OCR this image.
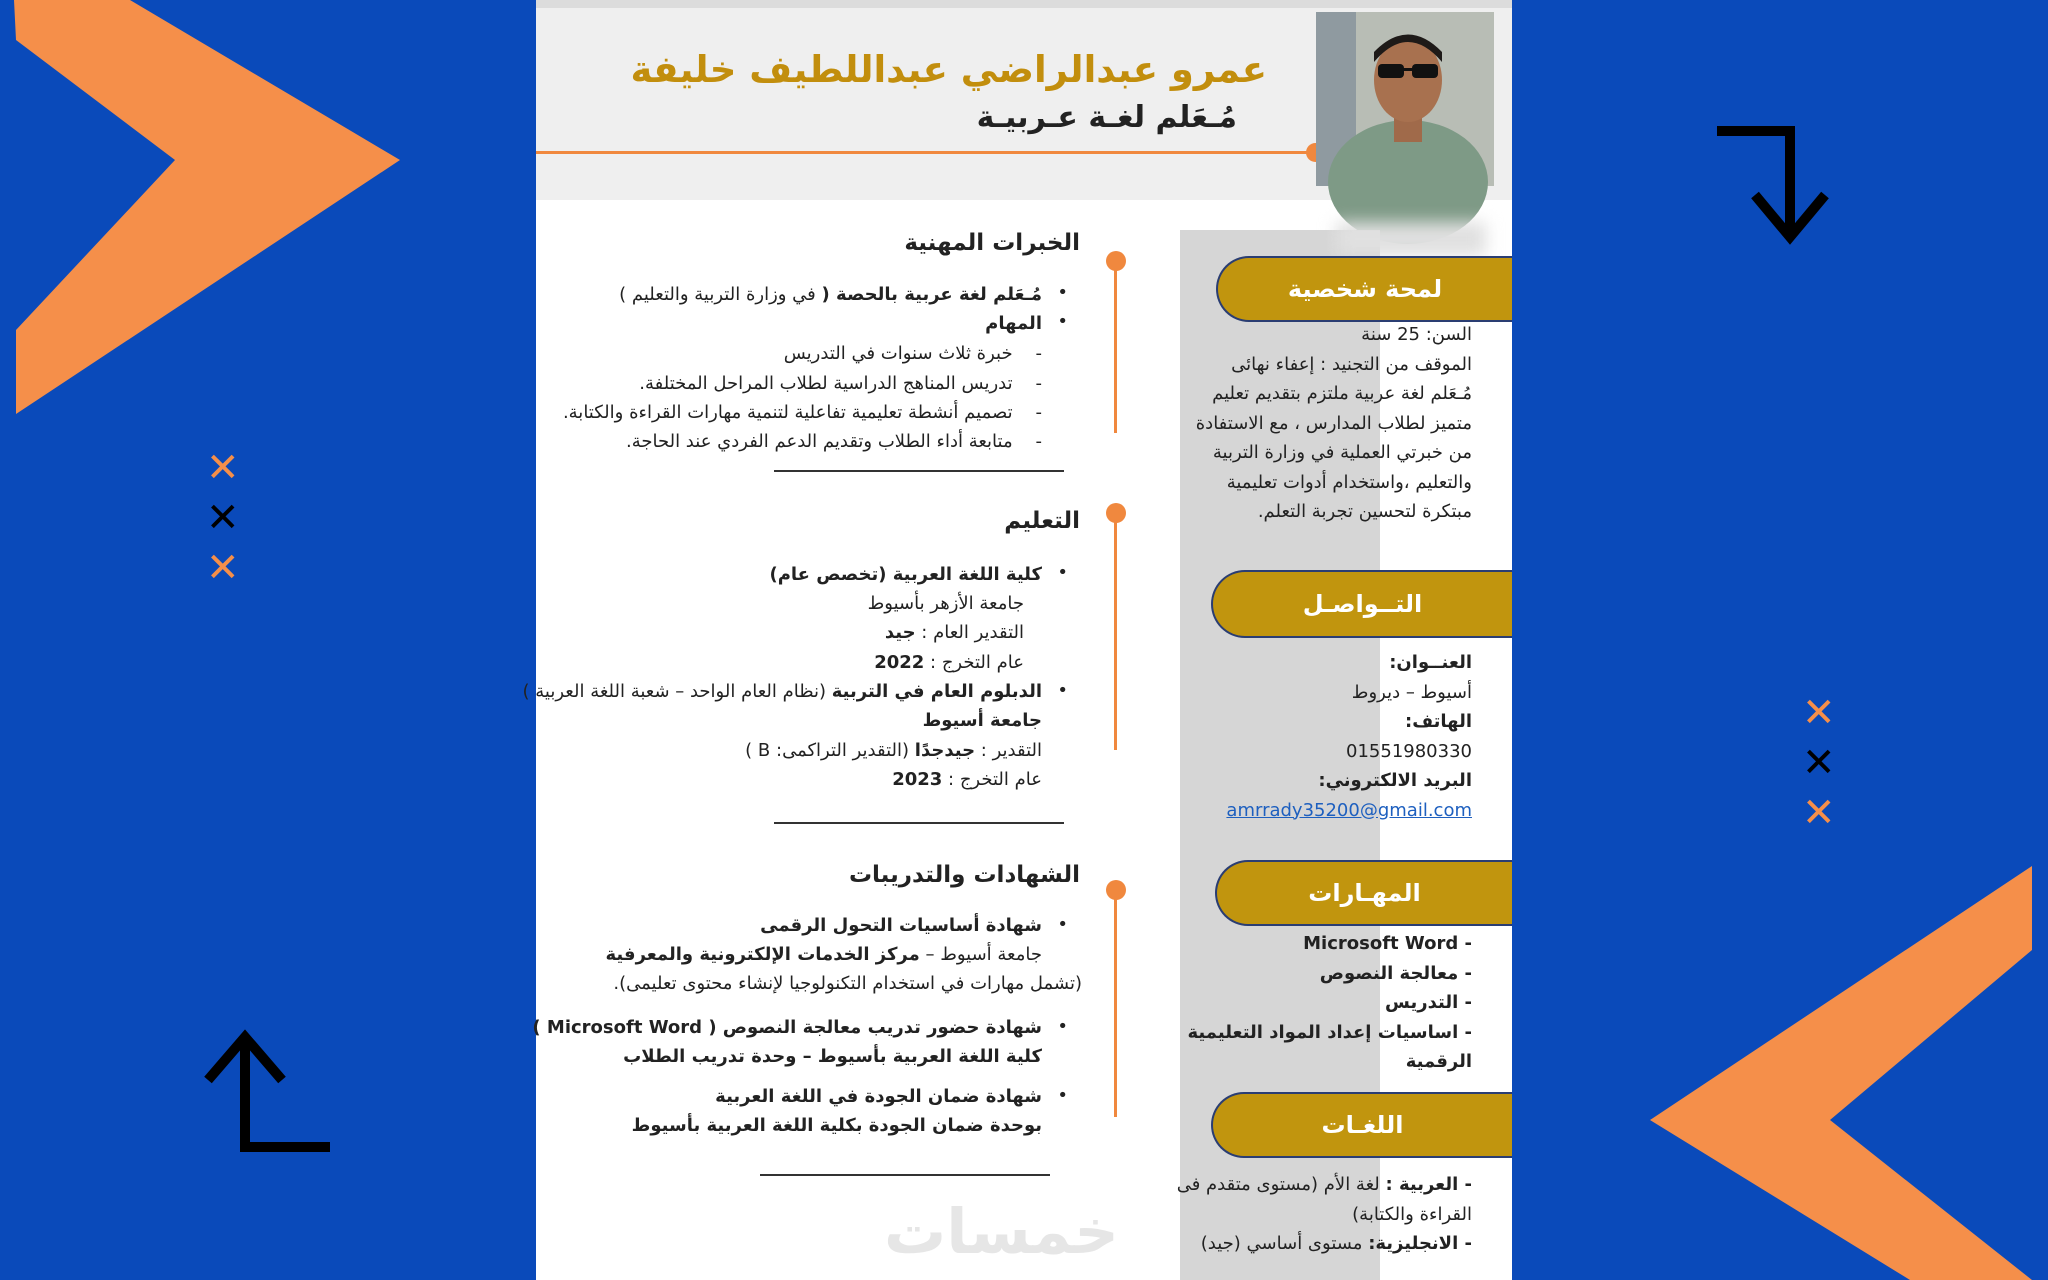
✕
✕
✕
✕
✕
✕
عمرو عبدالراضي عبداللطيف خليفة
مُـعَلم لغـة عـربيـة
لمحة شخصية
السن: 25 سنة
الموقف من التجنيد : إعفاء نهائى
مُـعَلم لغة عربية ملتزم بتقديم تعليم
متميز لطلاب المدارس ، مع الاستفادة
من خبرتي العملية في وزارة التربية
والتعليم ،واستخدام أدوات تعليمية
مبتكرة لتحسين تجربة التعلم.
التــواصـل
العنــوان:
أسيوط – ديروط
الهاتف:
01551980330
البريد الالكتروني:
amrrady35200@gmail.com
المهـارات
- Microsoft Word
- معالجة النصوص
- التدريس
- اساسيات إعداد المواد التعليمية
الرقمية
اللغـات
- العربية : لغة الأم (مستوى متقدم فى
القراءة والكتابة)
- الانجليزية: مستوى أساسي (جيد)
الخبرات المهنية
•
مُـعَلم لغة عربية بالحصة ( في وزارة التربية والتعليم )
•
المهام
-    خبرة ثلاث سنوات في التدريس
-    تدريس المناهج الدراسية لطلاب المراحل المختلفة.
-    تصميم أنشطة تعليمية تفاعلية لتنمية مهارات القراءة والكتابة.
-    متابعة أداء الطلاب وتقديم الدعم الفردي عند الحاجة.
التعليم
•
كلية اللغة العربية (تخصص عام)
جامعة الأزهر بأسيوط
التقدير العام : جيد
عام التخرج : 2022
•
الدبلوم العام في التربية (نظام العام الواحد – شعبة اللغة العربية )
جامعة أسيوط
التقدير : جيدجدًا (التقدير التراكمى: B )
عام التخرج : 2023
الشهادات والتدريبات
•
شهادة أساسيات التحول الرقمى
جامعة أسيوط – مركز الخدمات الإلكترونية والمعرفية
(تشمل مهارات في استخدام التكنولوجيا لإنشاء محتوى تعليمى).
•
شهادة حضور تدريب معالجة النصوص ( Microsoft Word )
كلية اللغة العربية بأسيوط – وحدة تدريب الطلاب
•
شهادة ضمان الجودة في اللغة العربية
بوحدة ضمان الجودة بكلية اللغة العربية بأسيوط
خمسات
